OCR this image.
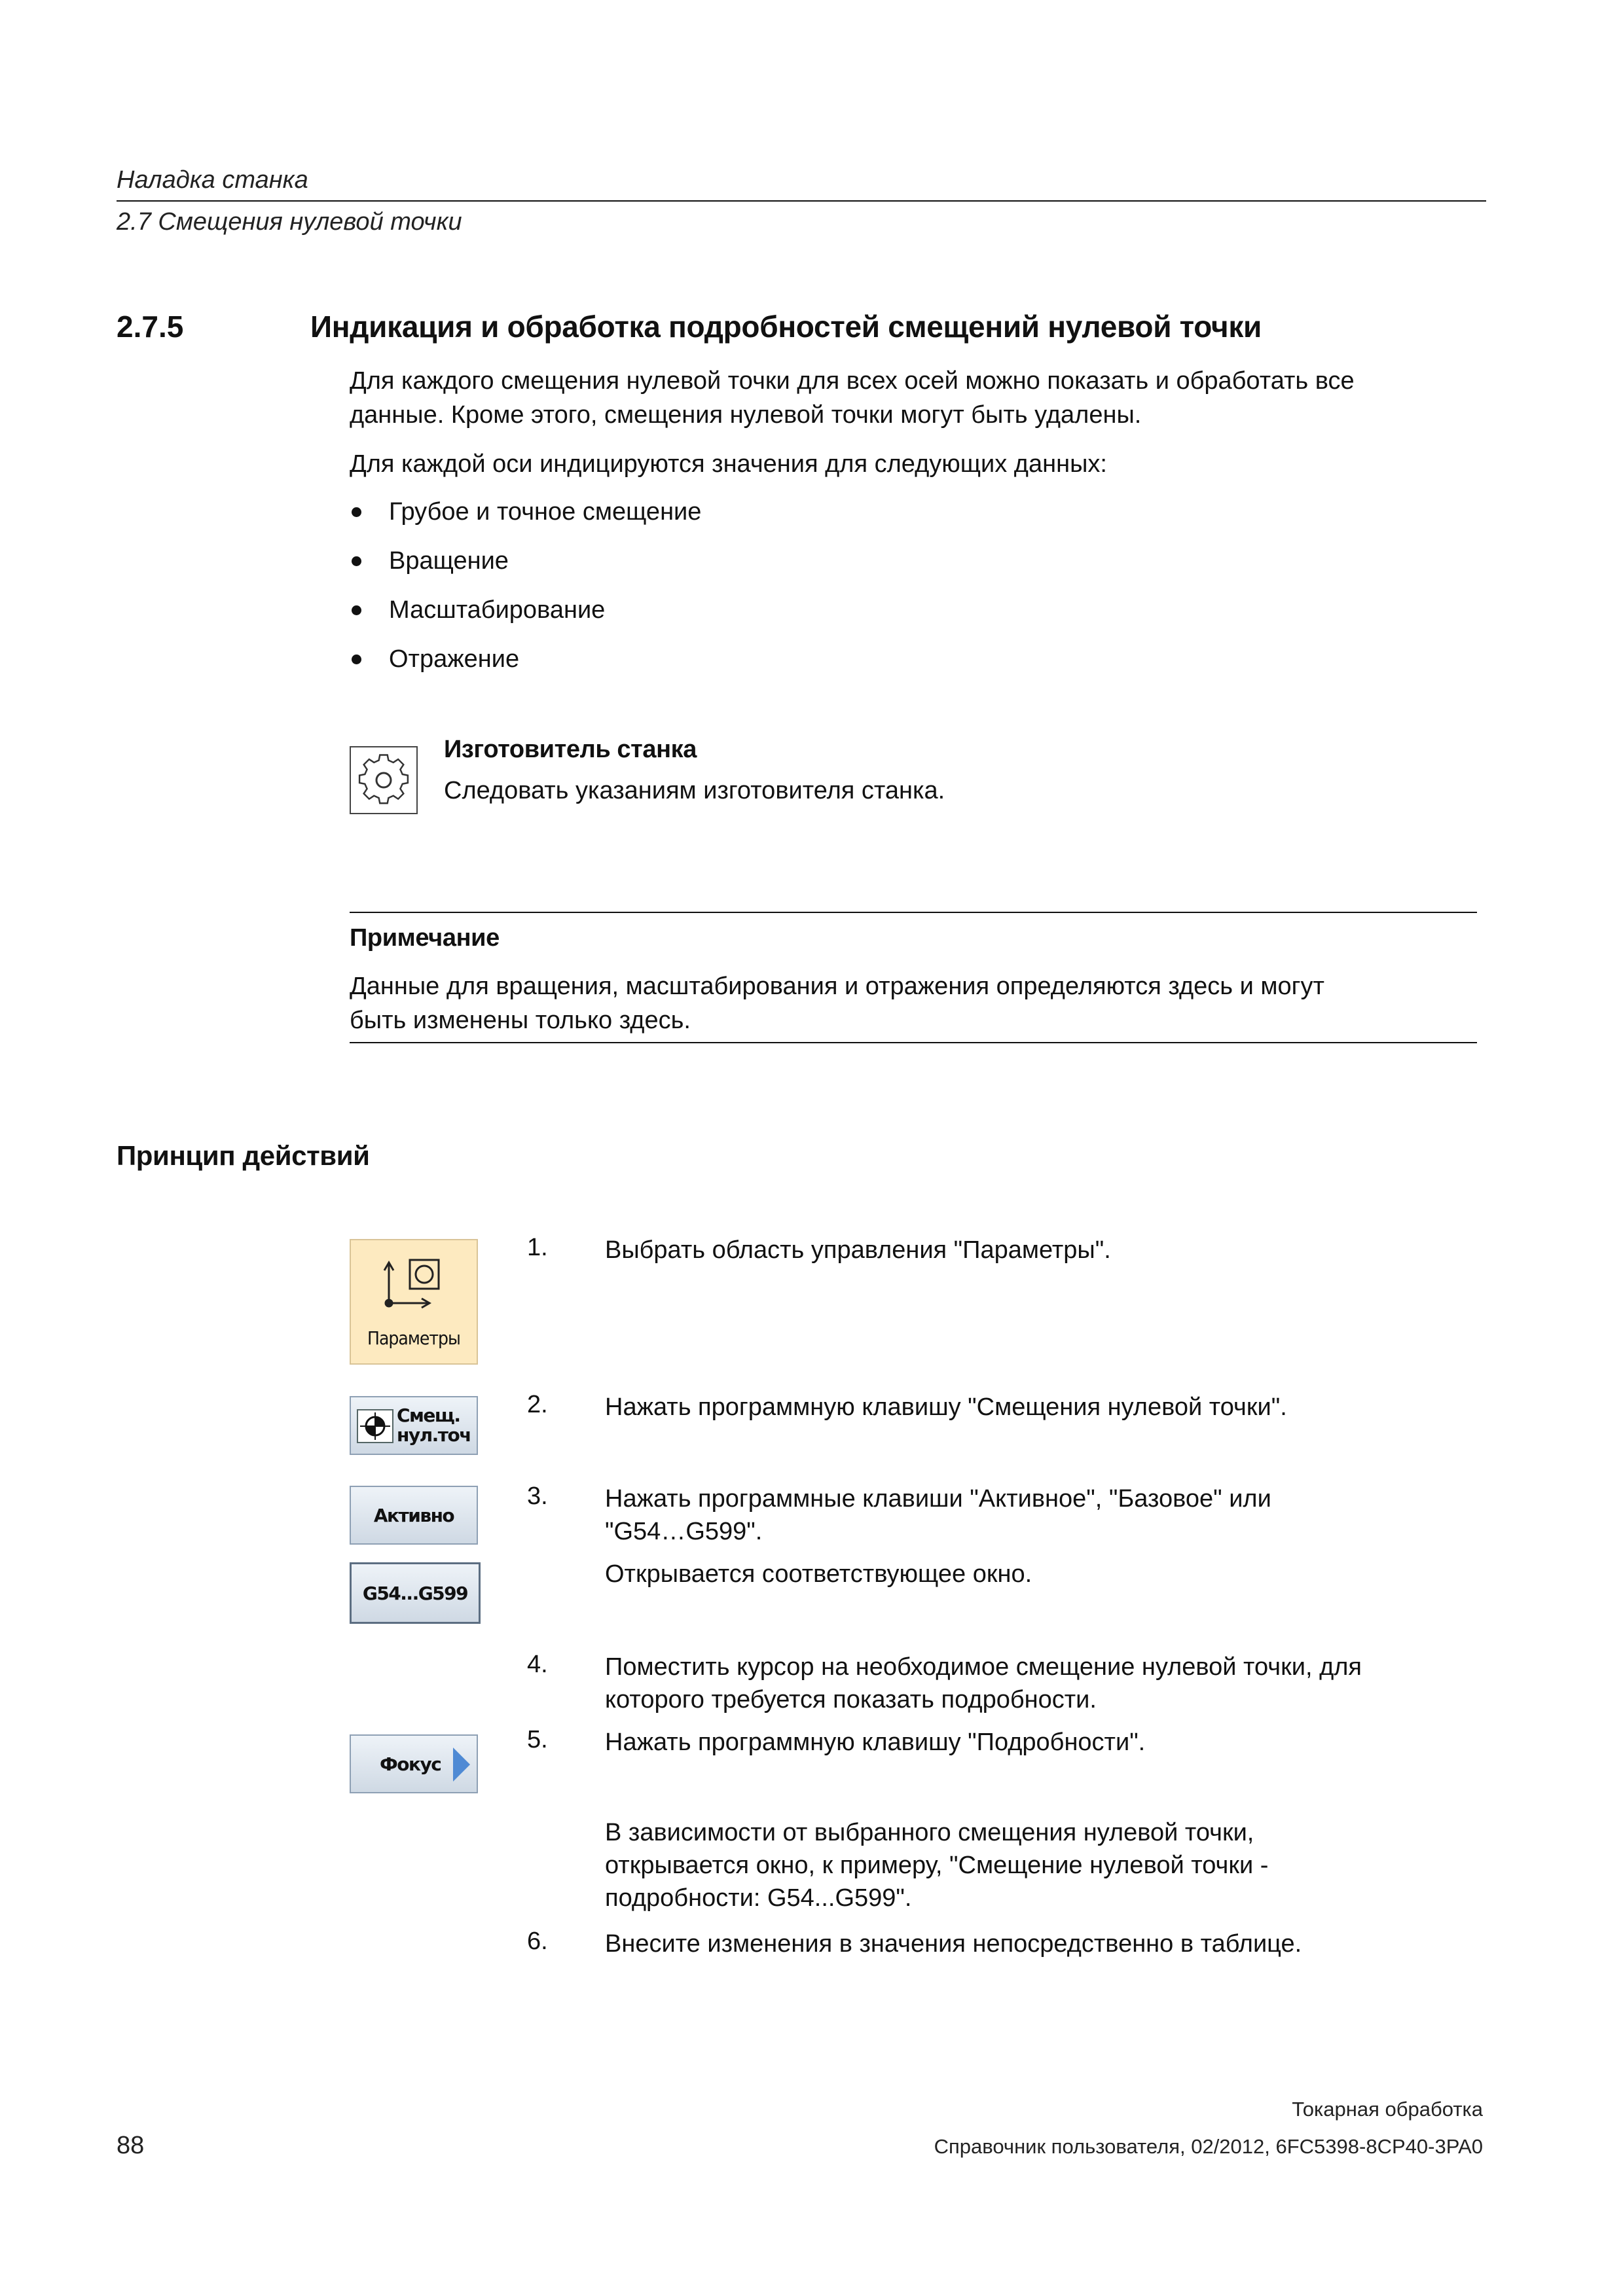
Наладка станка
2.7 Смещения нулевой точки
2.7.5	Индикация и обработка подробностей смещений нулевой точки
Для каждого смещения нулевой точки для всех осей можно показать и обработать все
данные. Кроме этого, смещения нулевой точки могут быть удалены.
Для каждой оси индицируются значения для следующих данных:
Грубое и точное смещение
Вращение
Масштабирование
Отражение
Изготовитель станка
Следовать указаниям изготовителя станка.
Примечание
Данные для вращения, масштабирования и отражения определяются здесь и могут
быть изменены только здесь.
Принцип действий
Параметры
Смещ.
нул.точ
Активно
G54...G599
Фокус
1.	Выбрать область управления "Параметры".
2.	Нажать программную клавишу "Смещения нулевой точки".
3.	Нажать программные клавиши "Активное", "Базовое" или
"G54…G599".
Открывается соответствующее окно.
4.	Поместить курсор на необходимое смещение нулевой точки, для
которого требуется показать подробности.
5.	Нажать программную клавишу "Подробности".
В зависимости от выбранного смещения нулевой точки,
открывается окно, к примеру, "Смещение нулевой точки -
подробности: G54...G599".
6.	Внесите изменения в значения непосредственно в таблице.
Токарная обработка
88	Справочник пользователя, 02/2012, 6FC5398-8CP40-3PA0
